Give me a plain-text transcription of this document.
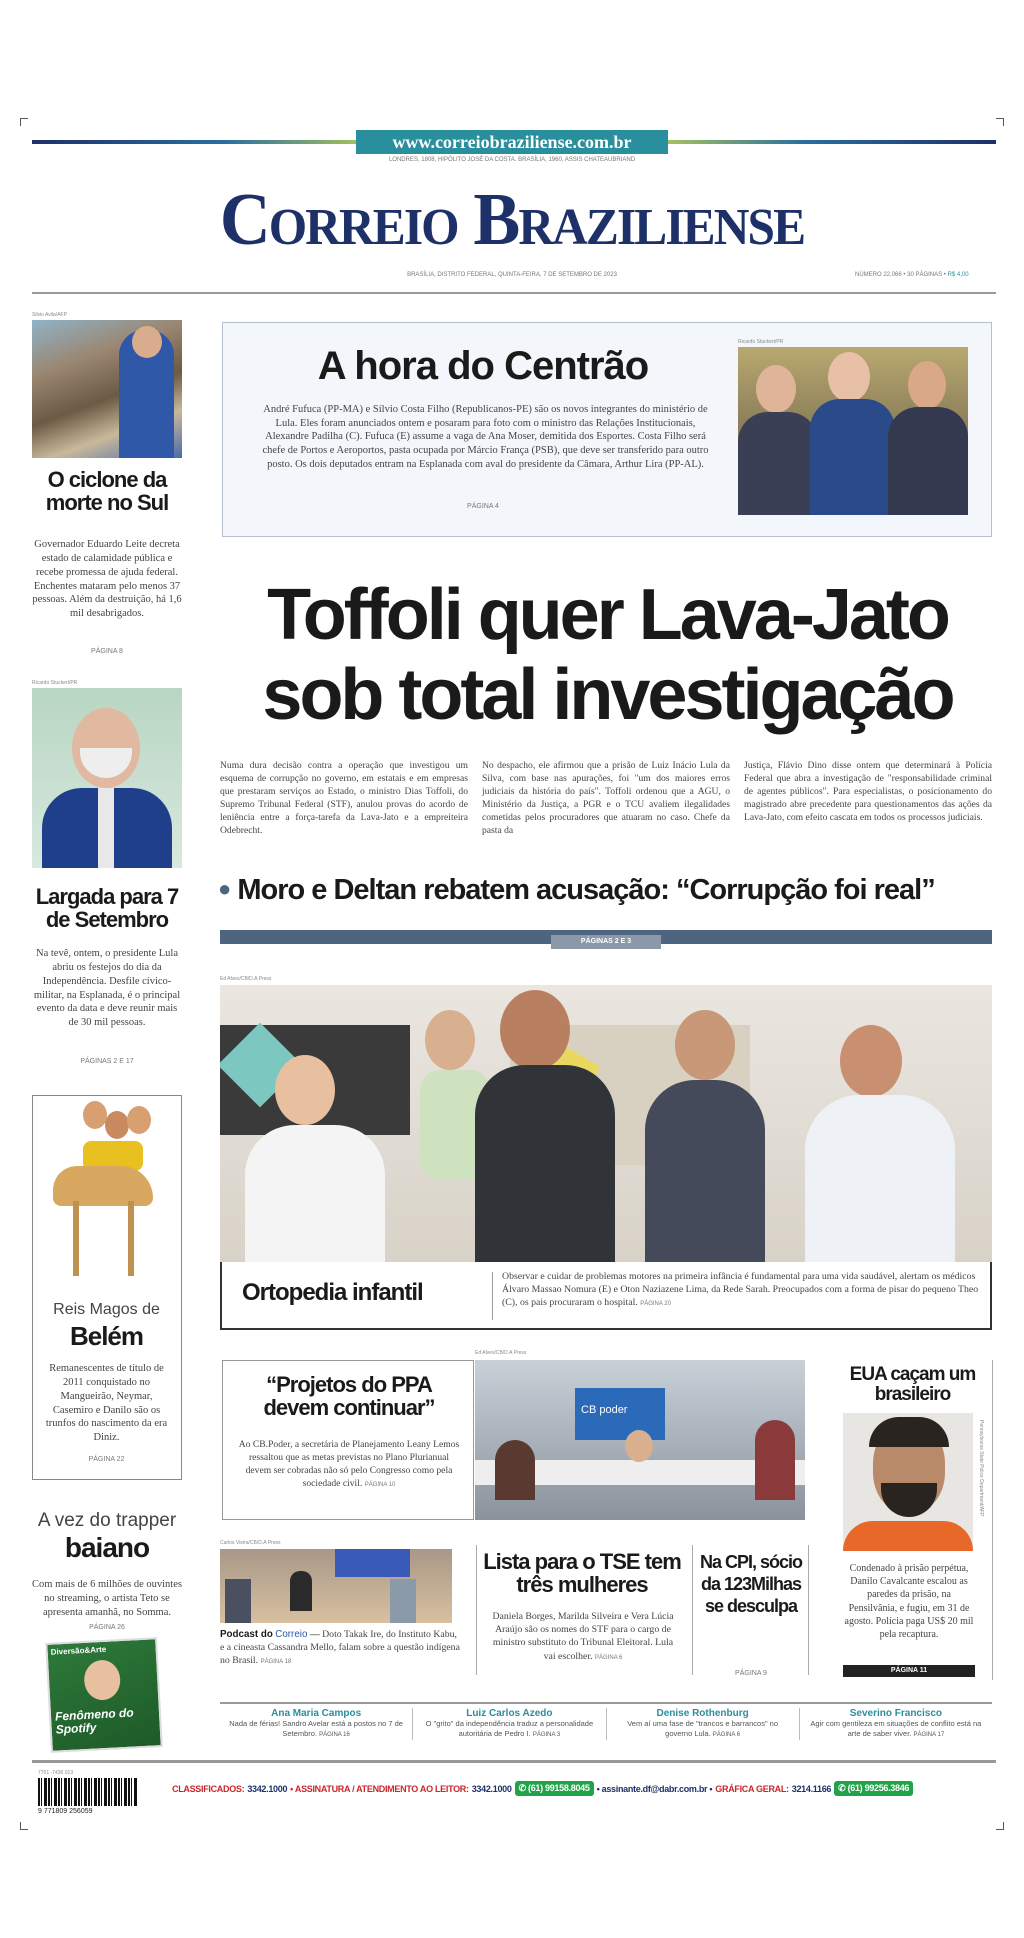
www.correiobraziliense.com.br
LONDRES, 1808, HIPÓLITO JOSÉ DA COSTA. BRASÍLIA, 1960, ASSIS CHATEAUBRIAND
Correio Braziliense
BRASÍLIA, DISTRITO FEDERAL, QUINTA-FEIRA, 7 DE SETEMBRO DE 2023	NÚMERO 22.066 • 30 PÁGINAS • R$ 4,00
Silvio Avila/AFP
O ciclone da morte no Sul
Governador Eduardo Leite decreta estado de calamidade pública e recebe promessa de ajuda federal. Enchentes mataram pelo menos 37 pessoas. Além da destruição, há 1,6 mil desabrigados.
PÁGINA 8
Ricardo Stuckert/PR
Largada para 7 de Setembro
Na tevê, ontem, o presidente Lula abriu os festejos do dia da Independência. Desfile cívico-militar, na Esplanada, é o principal evento da data e deve reunir mais de 30 mil pessoas.
PÁGINAS 2 E 17
Reis Magos de
Belém
Remanescentes de título de 2011 conquistado no Mangueirão, Neymar, Casemiro e Danilo são os trunfos do nascimento da era Diniz.
PÁGINA 22
A vez do trapper
baiano
Com mais de 6 milhões de ouvintes no streaming, o artista Teto se apresenta amanhã, no Somma. PÁGINA 26
Diversão&Arte
Fenômeno do Spotify
A hora do Centrão
André Fufuca (PP-MA) e Sílvio Costa Filho (Republicanos-PE) são os novos integrantes do ministério de Lula. Eles foram anunciados ontem e posaram para foto com o ministro das Relações Institucionais, Alexandre Padilha (C). Fufuca (E) assume a vaga de Ana Moser, demitida dos Esportes. Costa Filho será chefe de Portos e Aeroportos, pasta ocupada por Márcio França (PSB), que deve ser transferido para outro posto. Os dois deputados entram na Esplanada com aval do presidente da Câmara, Arthur Lira (PP-AL).
PÁGINA 4
Ricardo Stuckert/PR
Toffoli quer Lava-Jato
sob total investigação
Numa dura decisão contra a operação que investigou um esquema de corrupção no governo, em estatais e em empresas que prestaram serviços ao Estado, o ministro Dias Toffoli, do Supremo Tribunal Federal (STF), anulou provas do acordo de leniência entre a força-tarefa da Lava-Jato e a empreiteira Odebrecht.
No despacho, ele afirmou que a prisão de Luiz Inácio Lula da Silva, com base nas apurações, foi "um dos maiores erros judiciais da história do país". Toffoli ordenou que a AGU, o Ministério da Justiça, a PGR e o TCU avaliem ilegalidades cometidas pelos procuradores que atuaram no caso. Chefe da pasta da
Justiça, Flávio Dino disse ontem que determinará à Polícia Federal que abra a investigação de "responsabilidade criminal de agentes públicos". Para especialistas, o posicionamento do magistrado abre precedente para questionamentos das ações da Lava-Jato, com efeito cascata em todos os processos judiciais.
● Moro e Deltan rebatem acusação: “Corrupção foi real”
PÁGINAS 2 E 3
Ed Alves/CB/D.A Press
Ortopedia infantil
Observar e cuidar de problemas motores na primeira infância é fundamental para uma vida saudável, alertam os médicos Álvaro Massao Nomura (E) e Oton Naziazene Lima, da Rede Sarah. Preocupados com a forma de pisar do pequeno Theo (C), os pais procuraram o hospital. PÁGINA 20
“Projetos do PPA devem continuar”
Ao CB.Poder, a secretária de Planejamento Leany Lemos ressaltou que as metas previstas no Plano Plurianual devem ser cobradas não só pelo Congresso como pela sociedade civil. PÁGINA 10
Ed Alves/CB/D.A Press
CB poder
EUA caçam um brasileiro
Pennsylvania State Police Department/AFP
Condenado à prisão perpétua, Danilo Cavalcante escalou as paredes da prisão, na Pensilvânia, e fugiu, em 31 de agosto. Polícia paga US$ 20 mil pela recaptura.
PÁGINA 11
Carlos Vieira/CB/D.A Press
Podcast do Correio — Doto Takak Ire, do Instituto Kabu, e a cineasta Cassandra Mello, falam sobre a questão indígena no Brasil. PÁGINA 18
Lista para o TSE tem três mulheres
Daniela Borges, Marilda Silveira e Vera Lúcia Araújo são os nomes do STF para o cargo de ministro substituto do Tribunal Eleitoral. Lula vai escolher. PÁGINA 6
Na CPI, sócio da 123Milhas se desculpa
PÁGINA 9
Ana Maria Campos
Nada de férias! Sandro Avelar está a postos no 7 de Setembro. PÁGINA 16
Luiz Carlos Azedo
O "grito" da independência traduz a personalidade autoritária de Pedro I. PÁGINA 3
Denise Rothenburg
Vem aí uma fase de "trancos e barrancos" no governo Lula. PÁGINA 6
Severino Francisco
Agir com gentileza em situações de conflito está na arte de saber viver. PÁGINA 17
7701 -7436 013
9 771809 256059
CLASSIFICADOS: 3342.1000 • ASSINATURA / ATENDIMENTO AO LEITOR: 3342.1000 ✆ (61) 99158.8045 • assinante.df@dabr.com.br • GRÁFICA GERAL: 3214.1166 ✆ (61) 99256.3846
